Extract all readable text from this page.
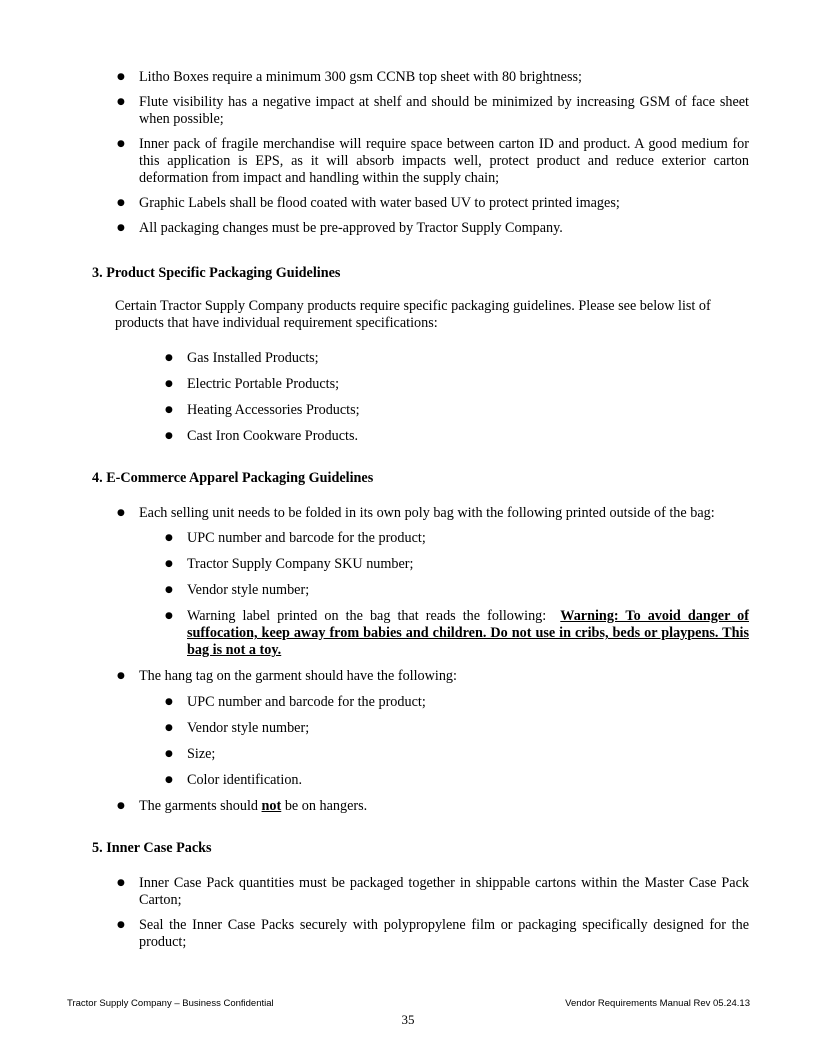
● Litho Boxes require a minimum 300 gsm CCNB top sheet with 80 brightness;
● Flute visibility has a negative impact at shelf and should be minimized by increasing GSM of face sheet when possible;
● Inner pack of fragile merchandise will require space between carton ID and product. A good medium for this application is EPS, as it will absorb impacts well, protect product and reduce exterior carton deformation from impact and handling within the supply chain;
● Graphic Labels shall be flood coated with water based UV to protect printed images;
● All packaging changes must be pre-approved by Tractor Supply Company.

3. Product Specific Packaging Guidelines

Certain Tractor Supply Company products require specific packaging guidelines. Please see below list of products that have individual requirement specifications:

● Gas Installed Products;
● Electric Portable Products;
● Heating Accessories Products;
● Cast Iron Cookware Products.

4. E-Commerce Apparel Packaging Guidelines

● Each selling unit needs to be folded in its own poly bag with the following printed outside of the bag:
● UPC number and barcode for the product;
● Tractor Supply Company SKU number;
● Vendor style number;
● Warning label printed on the bag that reads the following: Warning: To avoid danger of suffocation, keep away from babies and children. Do not use in cribs, beds or playpens. This bag is not a toy.
● The hang tag on the garment should have the following:
● UPC number and barcode for the product;
● Vendor style number;
● Size;
● Color identification.
● The garments should not be on hangers.

5. Inner Case Packs

● Inner Case Pack quantities must be packaged together in shippable cartons within the Master Case Pack Carton;
● Seal the Inner Case Packs securely with polypropylene film or packaging specifically designed for the product;
Tractor Supply Company – Business Confidential	Vendor Requirements Manual Rev 05.24.13
35
